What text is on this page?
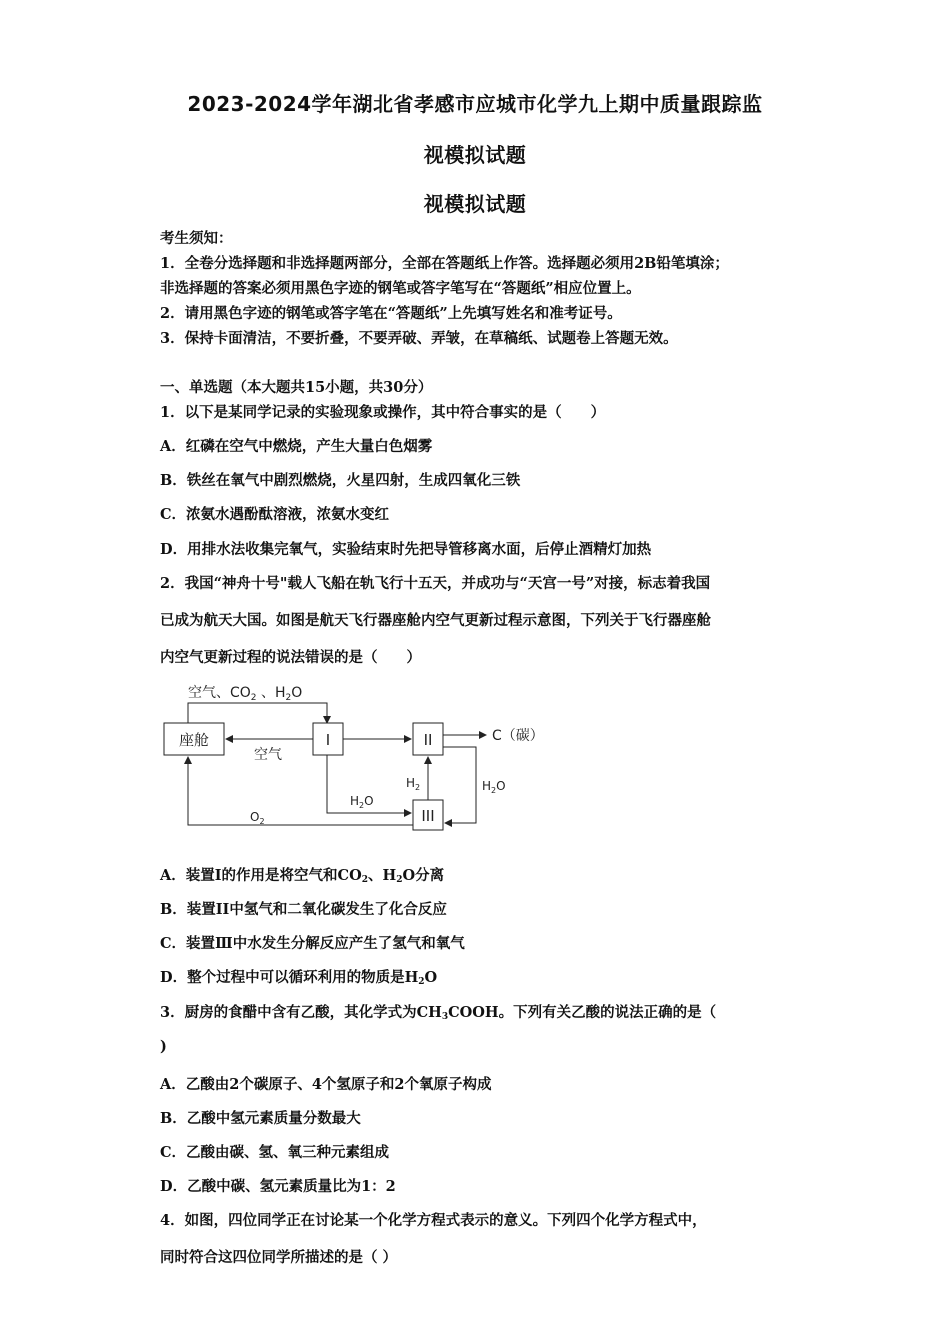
2023-2024学年湖北省孝感市应城市化学九上期中质量跟踪监
视模拟试题
视模拟试题
考生须知：
1．全卷分选择题和非选择题两部分，全部在答题纸上作答。选择题必须用2B铅笔填涂；
非选择题的答案必须用黑色字迹的钢笔或答字笔写在“答题纸”相应位置上。
2．请用黑色字迹的钢笔或答字笔在“答题纸”上先填写姓名和准考证号。
3．保持卡面清洁，不要折叠，不要弄破、弄皱，在草稿纸、试题卷上答题无效。
一、单选题（本大题共15小题，共30分）
1．以下是某同学记录的实验现象或操作，其中符合事实的是（　　）
A．红磷在空气中燃烧，产生大量白色烟雾
B．铁丝在氧气中剧烈燃烧，火星四射，生成四氧化三铁
C．浓氨水遇酚酞溶液，浓氨水变红
D．用排水法收集完氧气，实验结束时先把导管移离水面，后停止酒精灯加热
2．我国“神舟十号"载人飞船在轨飞行十五天，并成功与“天宫一号”对接，标志着我国
已成为航天大国。如图是航天飞行器座舱内空气更新过程示意图，下列关于飞行器座舱
内空气更新过程的说法错误的是（　　）
空气、$CO_2$ 、$H_2O$
座舱	I
空气
II	C（碳）
III
$H_2$
$H_2O$
$H_2O$
$O_2$
A．装置I的作用是将空气和$CO_2$、$H_2O$分离
B．装置II中氢气和二氧化碳发生了化合反应
C．装置Ⅲ中水发生分解反应产生了氢气和氧气
D．整个过程中可以循环利用的物质是$H_2O$
3．厨房的食醋中含有乙酸，其化学式为$CH_3COOH$。下列有关乙酸的说法正确的是（
)
A．乙酸由2个碳原子、4个氢原子和2个氧原子构成
B．乙酸中氢元素质量分数最大
C．乙酸由碳、氢、氧三种元素组成
D．乙酸中碳、氢元素质量比为1：2
4．如图，四位同学正在讨论某一个化学方程式表示的意义。下列四个化学方程式中，
同时符合这四位同学所描述的是（ ）
